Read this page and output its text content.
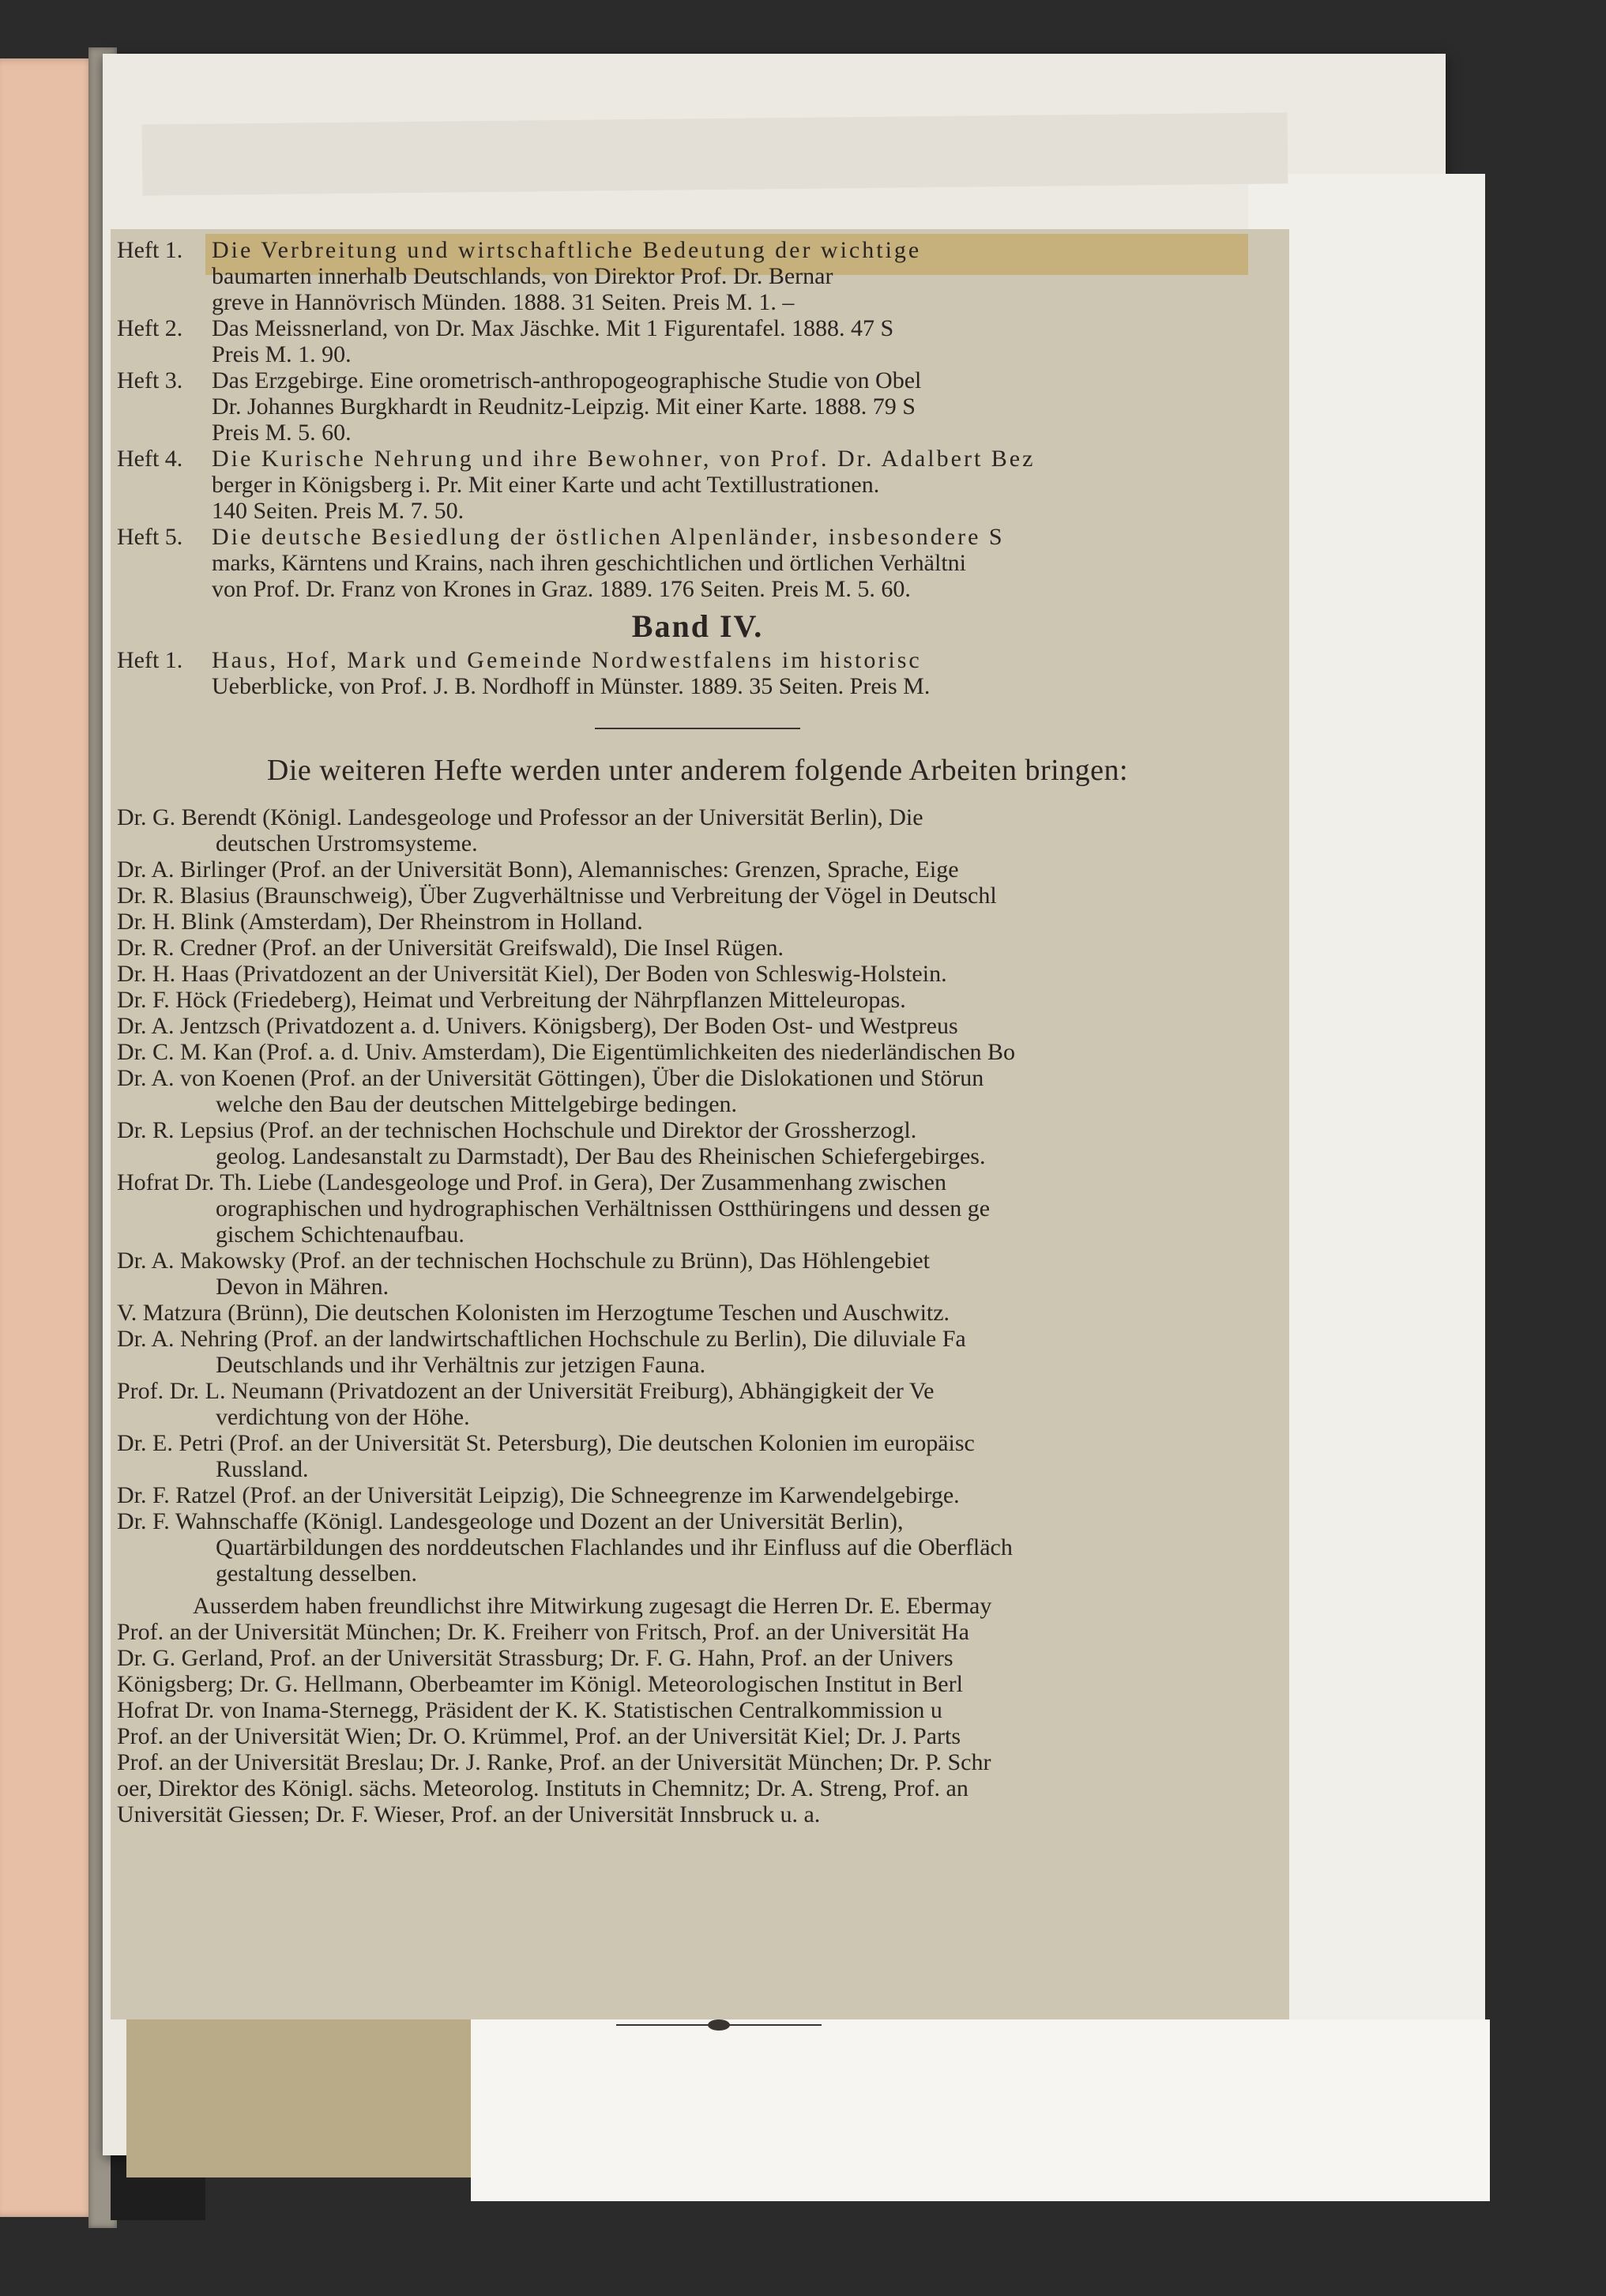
Heft 1. Die Verbreitung und wirtschaftliche Bedeutung der wichtige
baumarten innerhalb Deutschlands, von Direktor Prof. Dr. Bernar
greve in Hannövrisch Münden. 1888. 31 Seiten. Preis M. 1. –
Heft 2. Das Meissnerland, von Dr. Max Jäschke. Mit 1 Figurentafel. 1888. 47 S
Preis M. 1. 90.
Heft 3. Das Erzgebirge. Eine orometrisch-anthropogeographische Studie von Obel
Dr. Johannes Burgkhardt in Reudnitz-Leipzig. Mit einer Karte. 1888. 79 S
Preis M. 5. 60.
Heft 4. Die Kurische Nehrung und ihre Bewohner, von Prof. Dr. Adalbert Bez
berger in Königsberg i. Pr. Mit einer Karte und acht Textillustrationen.
140 Seiten. Preis M. 7. 50.
Heft 5. Die deutsche Besiedlung der östlichen Alpenländer, insbesondere S
marks, Kärntens und Krains, nach ihren geschichtlichen und örtlichen Verhältni
von Prof. Dr. Franz von Krones in Graz. 1889. 176 Seiten. Preis M. 5. 60.
Band IV.
Heft 1. Haus, Hof, Mark und Gemeinde Nordwestfalens im historisc
Ueberblicke, von Prof. J. B. Nordhoff in Münster. 1889. 35 Seiten. Preis M.
Die weiteren Hefte werden unter anderem folgende Arbeiten bringen:
Dr. G. Berendt (Königl. Landesgeologe und Professor an der Universität Berlin), Die
deutschen Urstromsysteme.
Dr. A. Birlinger (Prof. an der Universität Bonn), Alemannisches: Grenzen, Sprache, Eige
Dr. R. Blasius (Braunschweig), Über Zugverhältnisse und Verbreitung der Vögel in Deutschl
Dr. H. Blink (Amsterdam), Der Rheinstrom in Holland.
Dr. R. Credner (Prof. an der Universität Greifswald), Die Insel Rügen.
Dr. H. Haas (Privatdozent an der Universität Kiel), Der Boden von Schleswig-Holstein.
Dr. F. Höck (Friedeberg), Heimat und Verbreitung der Nährpflanzen Mitteleuropas.
Dr. A. Jentzsch (Privatdozent a. d. Univers. Königsberg), Der Boden Ost- und Westpreus
Dr. C. M. Kan (Prof. a. d. Univ. Amsterdam), Die Eigentümlichkeiten des niederländischen Bo
Dr. A. von Koenen (Prof. an der Universität Göttingen), Über die Dislokationen und Störun
welche den Bau der deutschen Mittelgebirge bedingen.
Dr. R. Lepsius (Prof. an der technischen Hochschule und Direktor der Grossherzogl.
geolog. Landesanstalt zu Darmstadt), Der Bau des Rheinischen Schiefergebirges.
Hofrat Dr. Th. Liebe (Landesgeologe und Prof. in Gera), Der Zusammenhang zwischen
orographischen und hydrographischen Verhältnissen Ostthüringens und dessen ge
gischem Schichtenaufbau.
Dr. A. Makowsky (Prof. an der technischen Hochschule zu Brünn), Das Höhlengebiet
Devon in Mähren.
V. Matzura (Brünn), Die deutschen Kolonisten im Herzogtume Teschen und Auschwitz.
Dr. A. Nehring (Prof. an der landwirtschaftlichen Hochschule zu Berlin), Die diluviale Fa
Deutschlands und ihr Verhältnis zur jetzigen Fauna.
Prof. Dr. L. Neumann (Privatdozent an der Universität Freiburg), Abhängigkeit der Ve
verdichtung von der Höhe.
Dr. E. Petri (Prof. an der Universität St. Petersburg), Die deutschen Kolonien im europäisc
Russland.
Dr. F. Ratzel (Prof. an der Universität Leipzig), Die Schneegrenze im Karwendelgebirge.
Dr. F. Wahnschaffe (Königl. Landesgeologe und Dozent an der Universität Berlin),
Quartärbildungen des norddeutschen Flachlandes und ihr Einfluss auf die Oberfläch
gestaltung desselben.
Ausserdem haben freundlichst ihre Mitwirkung zugesagt die Herren Dr. E. Ebermay
Prof. an der Universität München; Dr. K. Freiherr von Fritsch, Prof. an der Universität Ha
Dr. G. Gerland, Prof. an der Universität Strassburg; Dr. F. G. Hahn, Prof. an der Univers
Königsberg; Dr. G. Hellmann, Oberbeamter im Königl. Meteorologischen Institut in Berl
Hofrat Dr. von Inama-Sternegg, Präsident der K. K. Statistischen Centralkommission u
Prof. an der Universität Wien; Dr. O. Krümmel, Prof. an der Universität Kiel; Dr. J. Parts
Prof. an der Universität Breslau; Dr. J. Ranke, Prof. an der Universität München; Dr. P. Schr
oer, Direktor des Königl. sächs. Meteorolog. Instituts in Chemnitz; Dr. A. Streng, Prof. an
Universität Giessen; Dr. F. Wieser, Prof. an der Universität Innsbruck u. a.
